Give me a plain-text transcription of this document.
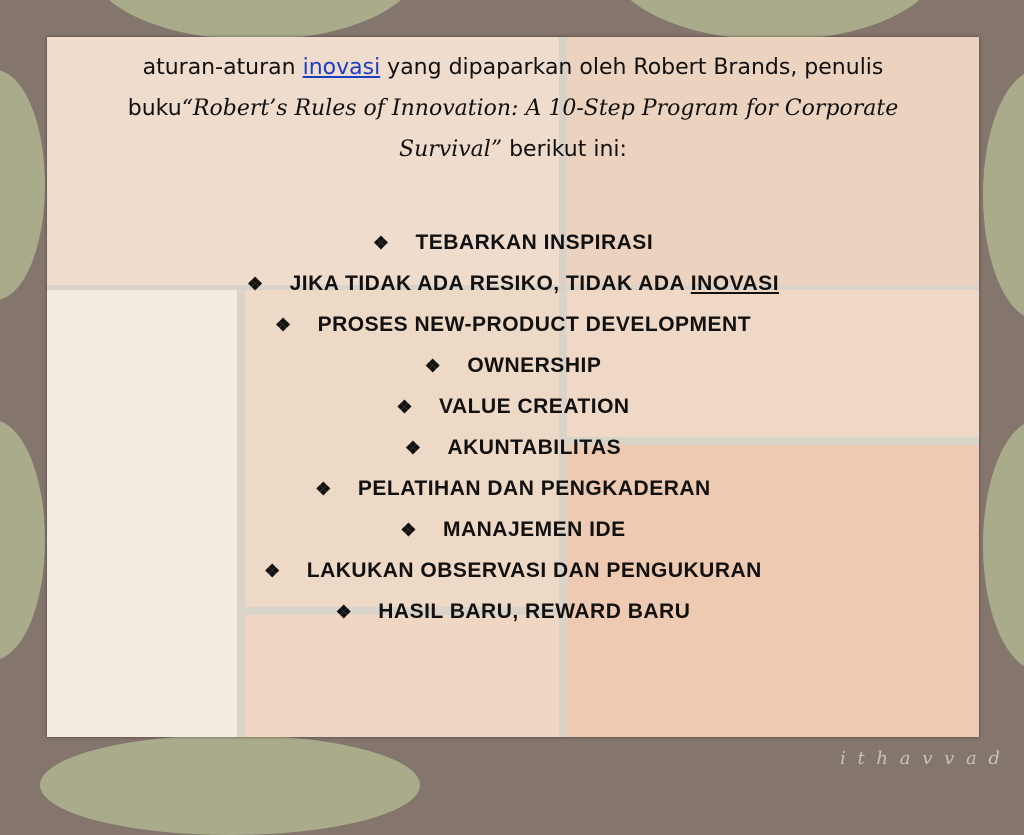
aturan-aturan inovasi yang dipaparkan oleh Robert Brands, penulis buku“Robert’s Rules of Innovation: A 10-Step Program for Corporate Survival” berikut ini:
❖ TEBARKAN INSPIRASI
❖ JIKA TIDAK ADA RESIKO, TIDAK ADA INOVASI
❖ PROSES NEW-PRODUCT DEVELOPMENT
❖ OWNERSHIP
❖ VALUE CREATION
❖ AKUNTABILITAS
❖ PELATIHAN DAN PENGKADERAN
❖ MANAJEMEN IDE
❖ LAKUKAN OBSERVASI DAN PENGUKURAN
❖ HASIL BARU, REWARD BARU
i t h a v v a d
